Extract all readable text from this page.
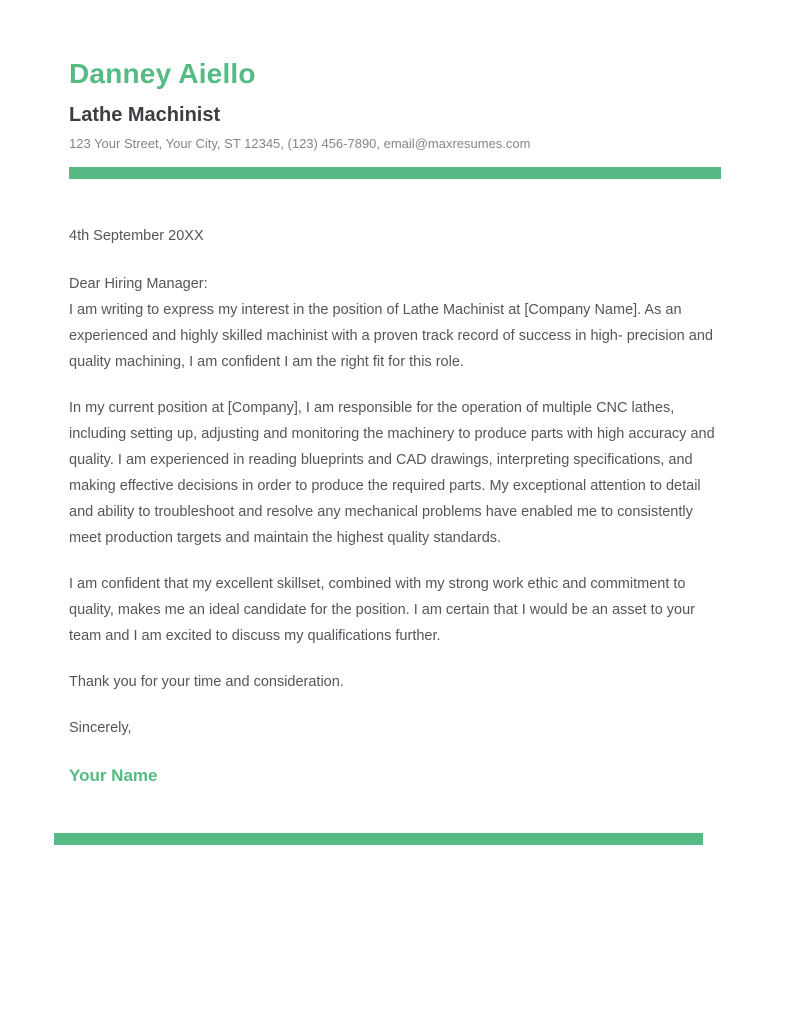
Danney Aiello
Lathe Machinist
123 Your Street, Your City, ST 12345, (123) 456-7890, email@maxresumes.com

4th September 20XX

Dear Hiring Manager:

I am writing to express my interest in the position of Lathe Machinist at [Company Name]. As an experienced and highly skilled machinist with a proven track record of success in high- precision and quality machining, I am confident I am the right fit for this role.

In my current position at [Company], I am responsible for the operation of multiple CNC lathes, including setting up, adjusting and monitoring the machinery to produce parts with high accuracy and quality. I am experienced in reading blueprints and CAD drawings, interpreting specifications, and making effective decisions in order to produce the required parts. My exceptional attention to detail and ability to troubleshoot and resolve any mechanical problems have enabled me to consistently meet production targets and maintain the highest quality standards.

I am confident that my excellent skillset, combined with my strong work ethic and commitment to quality, makes me an ideal candidate for the position. I am certain that I would be an asset to your team and I am excited to discuss my qualifications further.

Thank you for your time and consideration.

Sincerely,

Your Name
